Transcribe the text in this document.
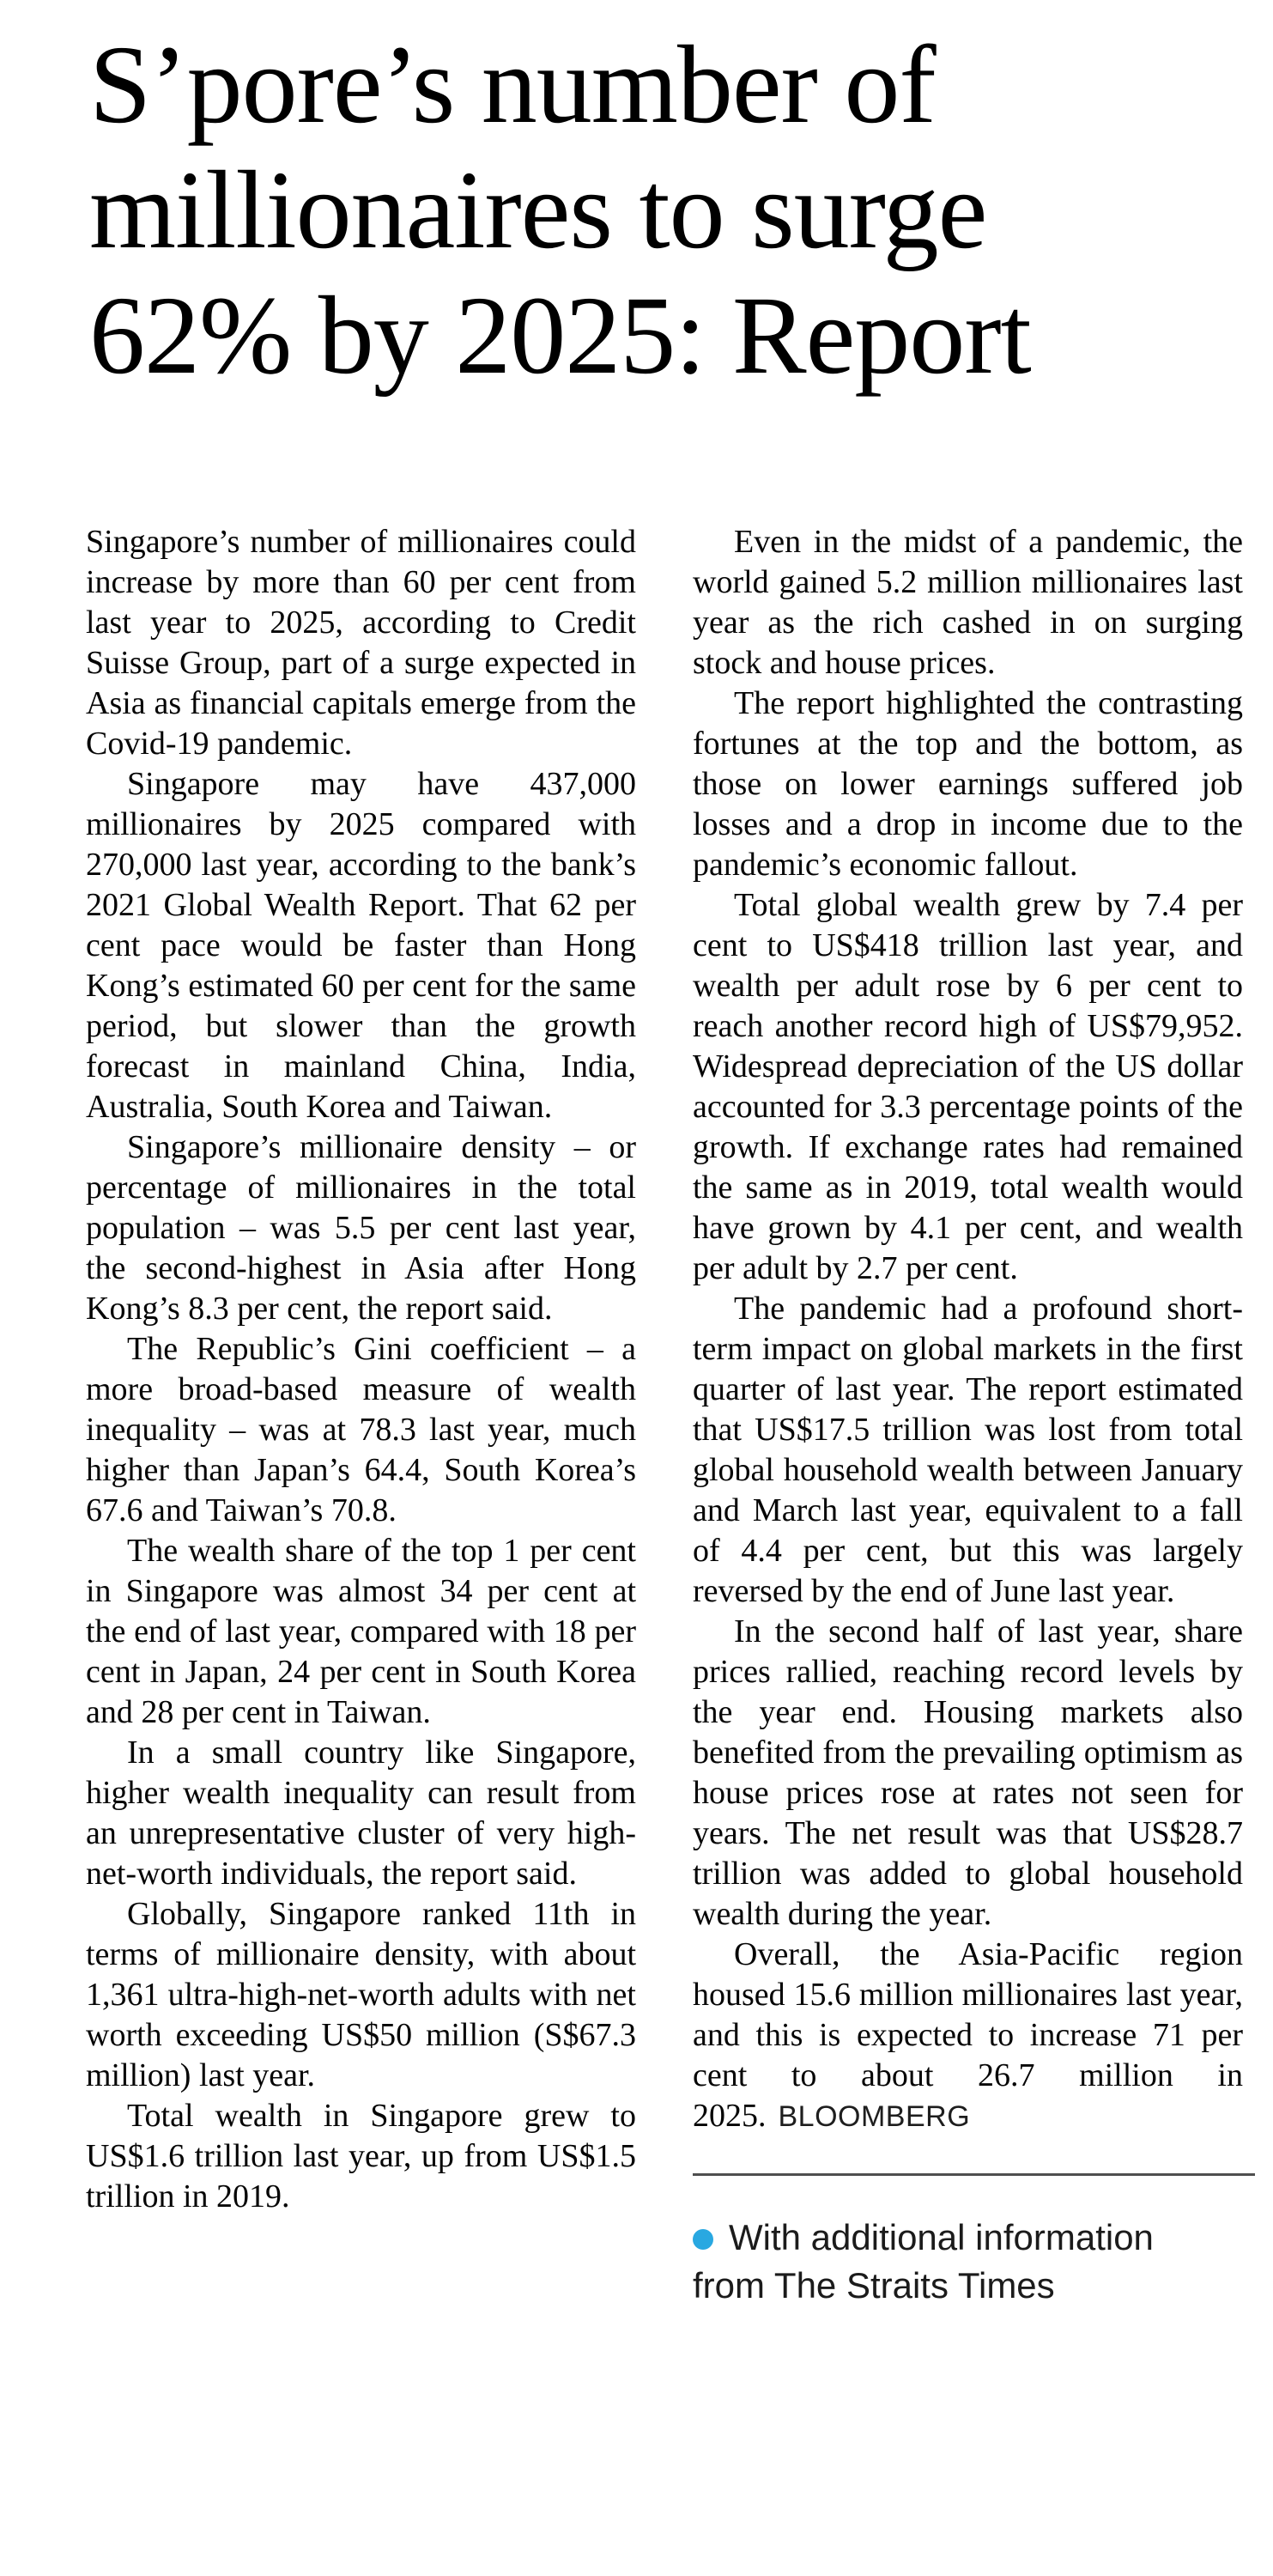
S’pore’s number of
millionaires to surge
62% by 2025: Report

Singapore’s number of millionaires could increase by more than 60 per cent from last year to 2025, according to Credit Suisse Group, part of a surge expected in Asia as financial capitals emerge from the Covid-19 pandemic.

Singapore may have 437,000 millionaires by 2025 compared with 270,000 last year, according to the bank’s 2021 Global Wealth Report. That 62 per cent pace would be faster than Hong Kong’s estimated 60 per cent for the same period, but slower than the growth forecast in mainland China, India, Australia, South Korea and Taiwan.

Singapore’s millionaire density – or percentage of millionaires in the total population – was 5.5 per cent last year, the second-highest in Asia after Hong Kong’s 8.3 per cent, the report said.

The Republic’s Gini coefficient – a more broad-based measure of wealth inequality – was at 78.3 last year, much higher than Japan’s 64.4, South Korea’s 67.6 and Taiwan’s 70.8.

The wealth share of the top 1 per cent in Singapore was almost 34 per cent at the end of last year, compared with 18 per cent in Japan, 24 per cent in South Korea and 28 per cent in Taiwan.

In a small country like Singapore, higher wealth inequality can result from an unrepresentative cluster of very high-net-worth individuals, the report said.

Globally, Singapore ranked 11th in terms of millionaire density, with about 1,361 ultra-high-net-worth adults with net worth exceeding US$50 million (S$67.3 million) last year.

Total wealth in Singapore grew to US$1.6 trillion last year, up from US$1.5 trillion in 2019.

Even in the midst of a pandemic, the world gained 5.2 million millionaires last year as the rich cashed in on surging stock and house prices.

The report highlighted the contrasting fortunes at the top and the bottom, as those on lower earnings suffered job losses and a drop in income due to the pandemic’s economic fallout.

Total global wealth grew by 7.4 per cent to US$418 trillion last year, and wealth per adult rose by 6 per cent to reach another record high of US$79,952. Widespread depreciation of the US dollar accounted for 3.3 percentage points of the growth. If exchange rates had remained the same as in 2019, total wealth would have grown by 4.1 per cent, and wealth per adult by 2.7 per cent.

The pandemic had a profound short-term impact on global markets in the first quarter of last year. The report estimated that US$17.5 trillion was lost from total global household wealth between January and March last year, equivalent to a fall of 4.4 per cent, but this was largely reversed by the end of June last year.

In the second half of last year, share prices rallied, reaching record levels by the year end. Housing markets also benefited from the prevailing optimism as house prices rose at rates not seen for years. The net result was that US$28.7 trillion was added to global household wealth during the year.

Overall, the Asia-Pacific region housed 15.6 million millionaires last year, and this is expected to increase 71 per cent to about 26.7 million in 2025. BLOOMBERG

With additional information from The Straits Times
